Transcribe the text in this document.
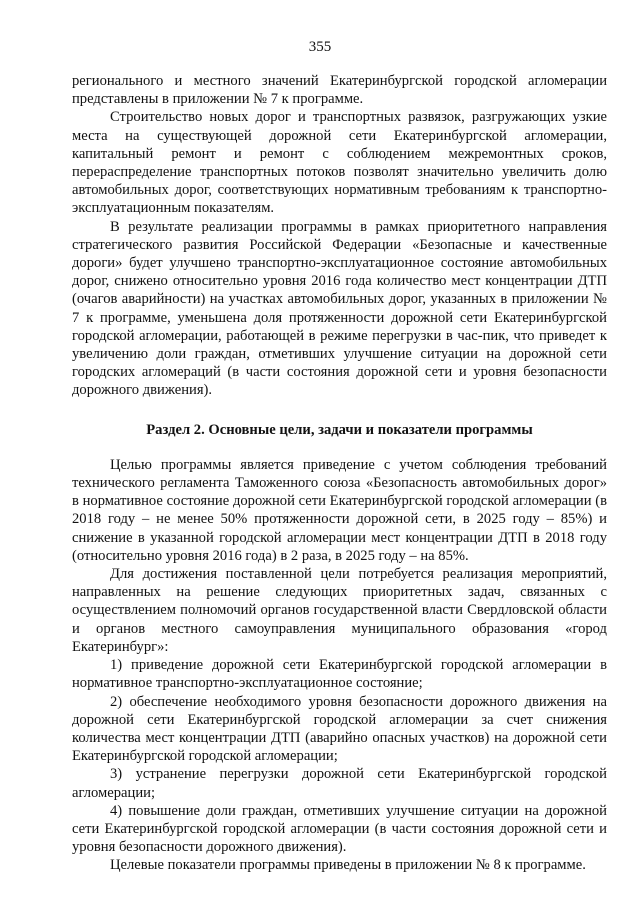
355

регионального и местного значений Екатеринбургской городской агломерации представлены в приложении № 7 к программе.

Строительство новых дорог и транспортных развязок, разгружающих узкие места на существующей дорожной сети Екатеринбургской агломерации, капитальный ремонт и ремонт с соблюдением межремонтных сроков, перераспределение транспортных потоков позволят значительно увеличить долю автомобильных дорог, соответствующих нормативным требованиям к транспортно-эксплуатационным показателям.

В результате реализации программы в рамках приоритетного направления стратегического развития Российской Федерации «Безопасные и качественные дороги» будет улучшено транспортно-эксплуатационное состояние автомобильных дорог, снижено относительно уровня 2016 года количество мест концентрации ДТП (очагов аварийности) на участках автомобильных дорог, указанных в приложении № 7 к программе, уменьшена доля протяженности дорожной сети Екатеринбургской городской агломерации, работающей в режиме перегрузки в час-пик, что приведет к увеличению доли граждан, отметивших улучшение ситуации на дорожной сети городских агломераций (в части состояния дорожной сети и уровня безопасности дорожного движения).

Раздел 2. Основные цели, задачи и показатели программы

Целью программы является приведение с учетом соблюдения требований технического регламента Таможенного союза «Безопасность автомобильных дорог» в нормативное состояние дорожной сети Екатеринбургской городской агломерации (в 2018 году – не менее 50% протяженности дорожной сети, в 2025 году – 85%) и снижение в указанной городской агломерации мест концентрации ДТП в 2018 году (относительно уровня 2016 года) в 2 раза, в 2025 году – на 85%.

Для достижения поставленной цели потребуется реализация мероприятий, направленных на решение следующих приоритетных задач, связанных с осуществлением полномочий органов государственной власти Свердловской области и органов местного самоуправления муниципального образования «город Екатеринбург»:

1) приведение дорожной сети Екатеринбургской городской агломерации в нормативное транспортно-эксплуатационное состояние;

2) обеспечение необходимого уровня безопасности дорожного движения на дорожной сети Екатеринбургской городской агломерации за счет снижения количества мест концентрации ДТП (аварийно опасных участков) на дорожной сети Екатеринбургской городской агломерации;

3) устранение перегрузки дорожной сети Екатеринбургской городской агломерации;

4) повышение доли граждан, отметивших улучшение ситуации на дорожной сети Екатеринбургской городской агломерации (в части состояния дорожной сети и уровня безопасности дорожного движения).

Целевые показатели программы приведены в приложении № 8 к программе.
